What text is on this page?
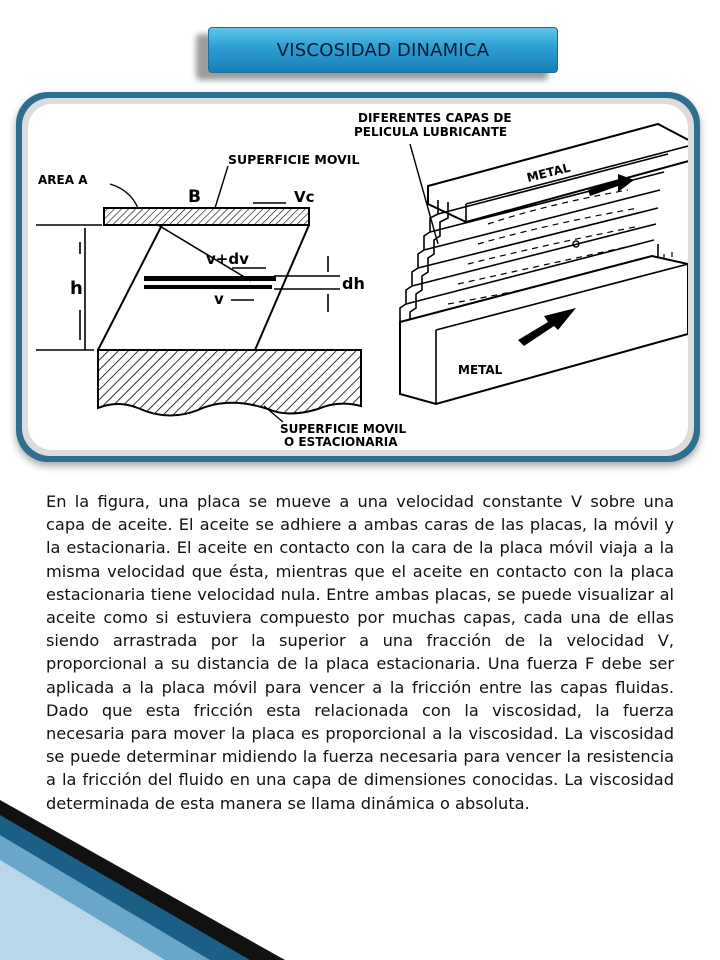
VISCOSIDAD DINAMICA
AREA A
SUPERFICIE MOVIL
B	Vc
v+dv
v
h	dh
SUPERFICIE MOVIL
O ESTACIONARIA
DIFERENTES CAPAS DE
PELICULA LUBRICANTE
METAL
METAL
En la figura, una placa se mueve a una velocidad constante V sobre una capa de aceite. El aceite se adhiere a ambas caras de las placas, la móvil y la estacionaria. El aceite en contacto con la cara de la placa móvil viaja a la misma velocidad que ésta, mientras que el aceite en contacto con la placa estacionaria tiene velocidad nula. Entre ambas placas, se puede visualizar al aceite como si estuviera compuesto por muchas capas, cada una de ellas siendo arrastrada por la superior a una fracción de la velocidad V, proporcional a su distancia de la placa estacionaria. Una fuerza F debe ser aplicada a la placa móvil para vencer a la fricción entre las capas fluidas. Dado que esta fricción esta relacionada con la viscosidad, la fuerza necesaria para mover la placa es proporcional a la viscosidad. La viscosidad se puede determinar midiendo la fuerza necesaria para vencer la resistencia a la fricción del fluido en una capa de dimensiones conocidas. La viscosidad determinada de esta manera se llama dinámica o absoluta.
